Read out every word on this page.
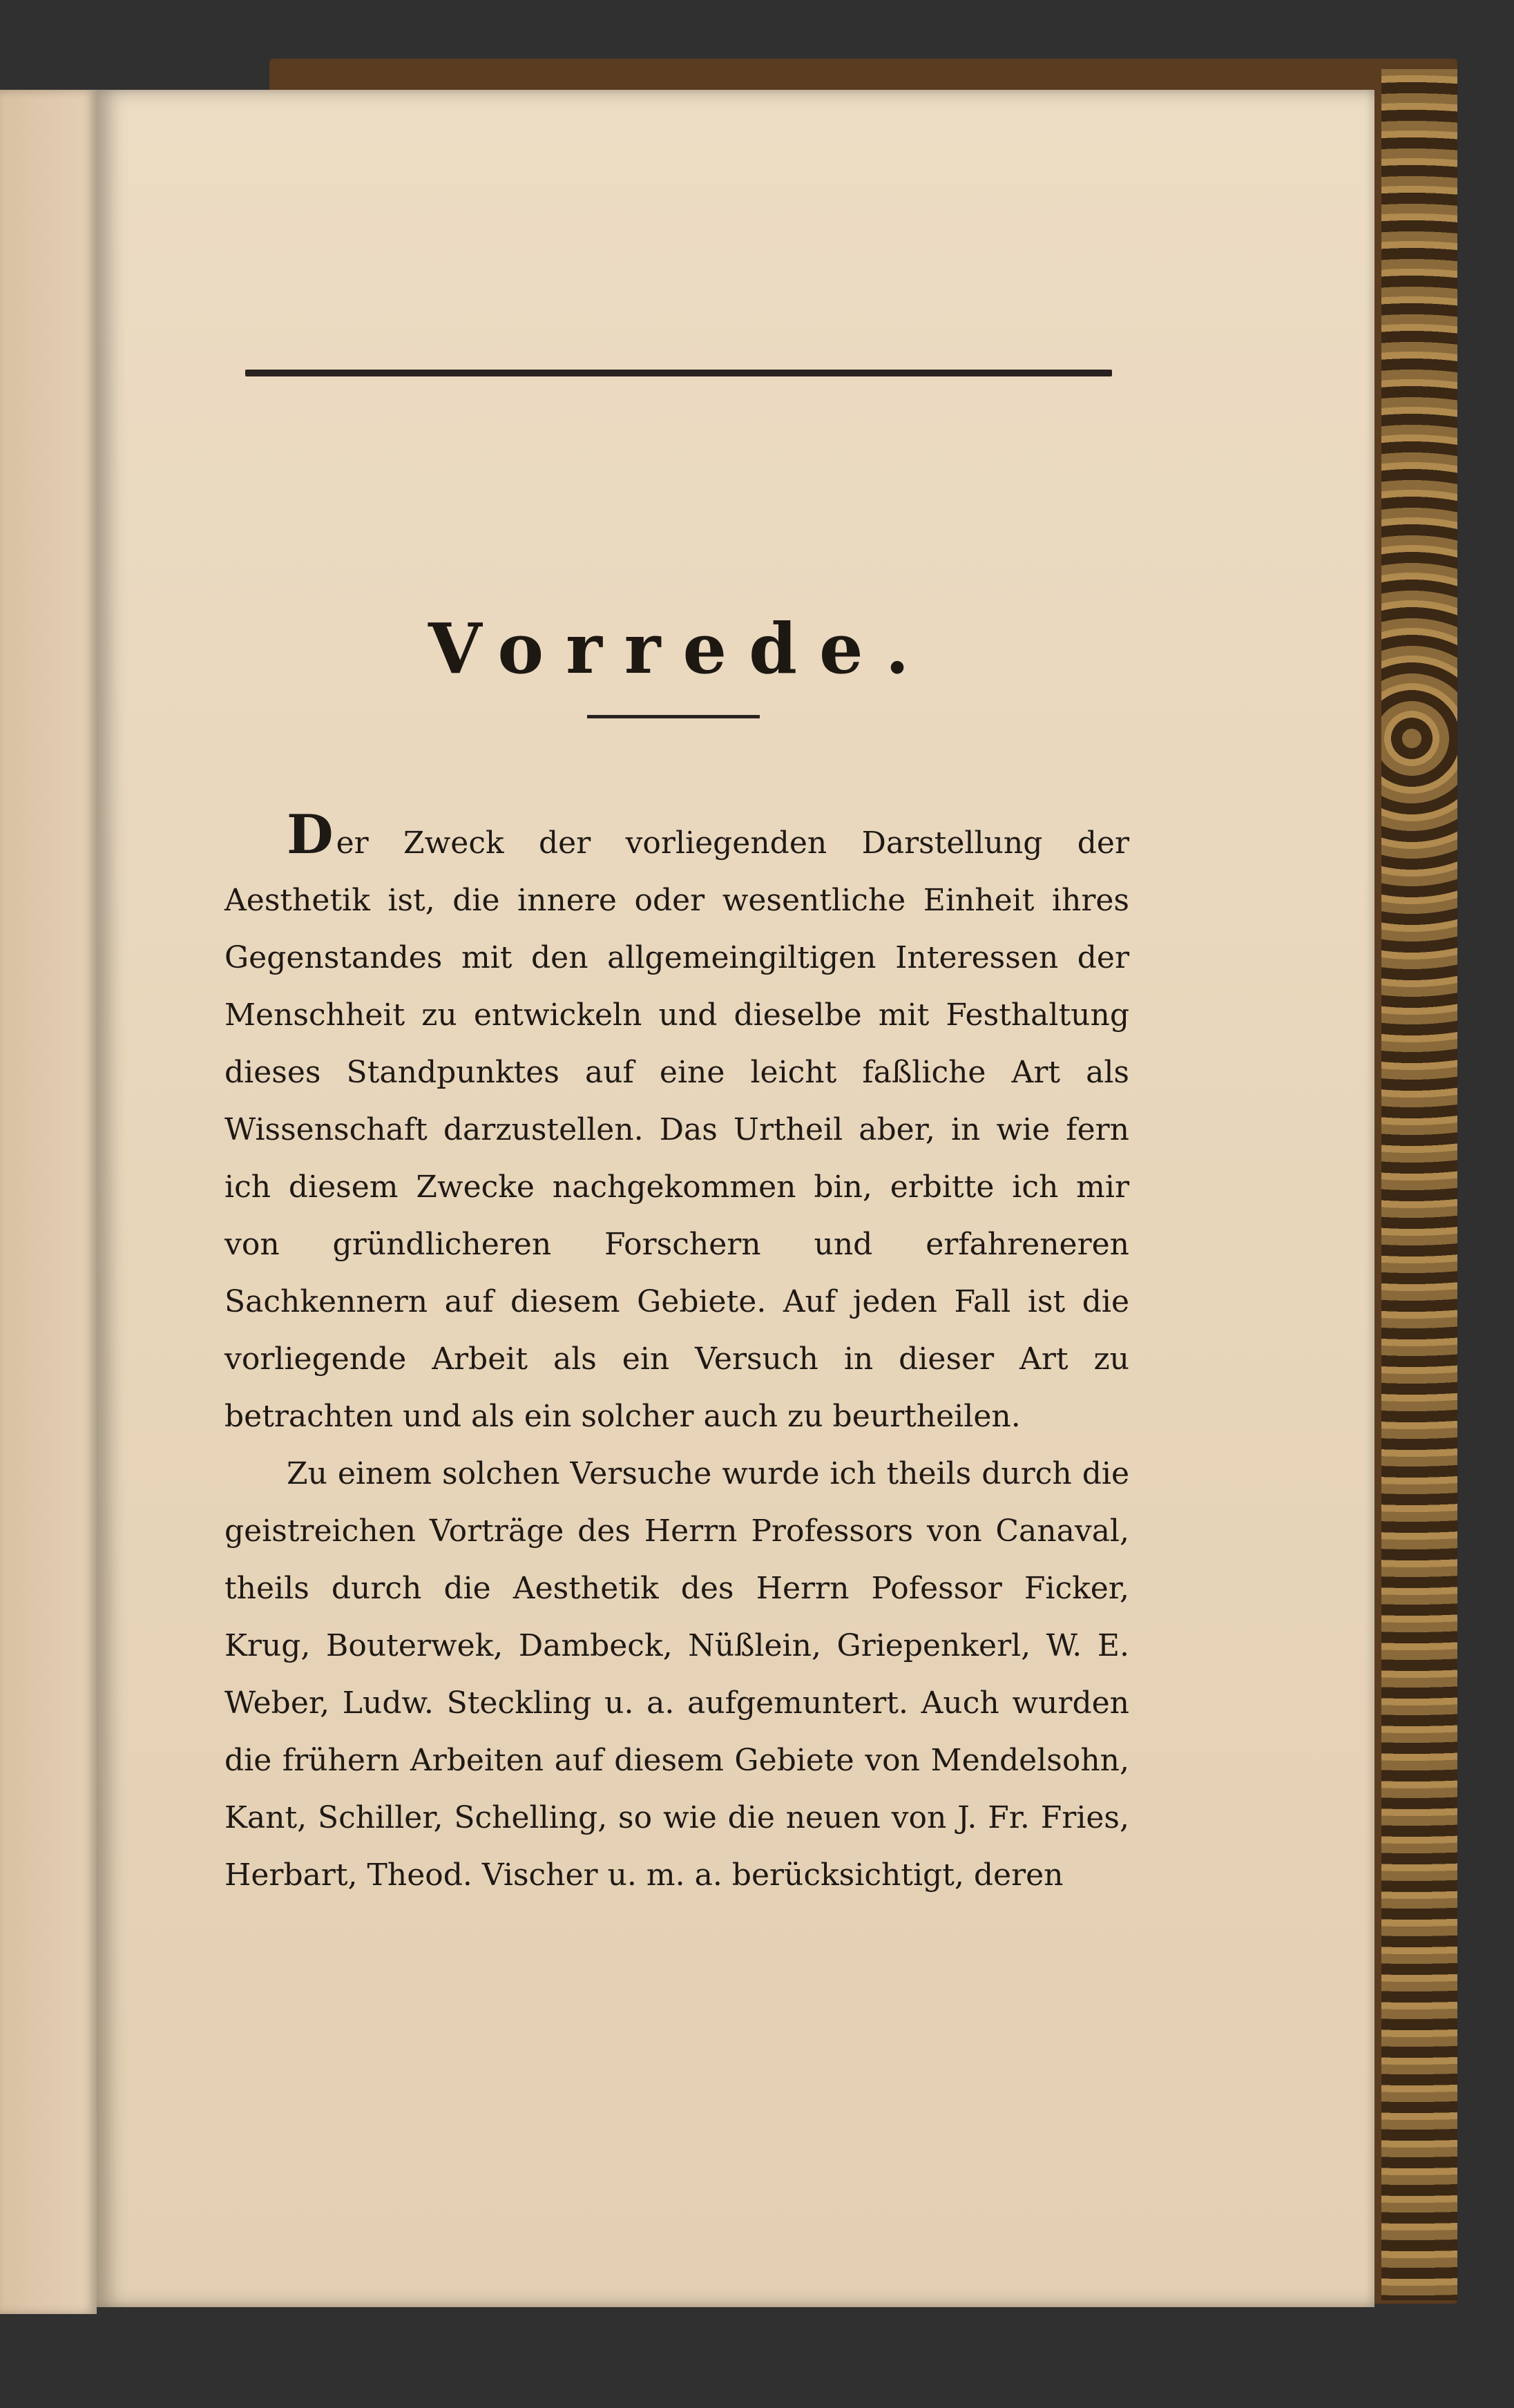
Vorrede.

Der Zweck der vorliegenden Darstellung der Aesthetik ist, die innere oder wesentliche Einheit ihres Gegenstandes mit den allgemeingiltigen Interessen der Menschheit zu entwickeln und dieselbe mit Festhaltung dieses Standpunktes auf eine leicht faßliche Art als Wissenschaft darzustellen. Das Urtheil aber, in wie fern ich diesem Zwecke nachgekommen bin, erbitte ich mir von gründlicheren Forschern und erfahreneren Sachkennern auf diesem Gebiete. Auf jeden Fall ist die vorliegende Arbeit als ein Versuch in dieser Art zu betrachten und als ein solcher auch zu beurtheilen.

Zu einem solchen Versuche wurde ich theils durch die geistreichen Vorträge des Herrn Professors von Canaval, theils durch die Aesthetik des Herrn Pofessor Ficker, Krug, Bouterwek, Dambeck, Nüßlein, Griepenkerl, W. E. Weber, Ludw. Steckling u. a. aufgemuntert. Auch wurden die frühern Arbeiten auf diesem Gebiete von Mendelsohn, Kant, Schiller, Schelling, so wie die neuen von J. Fr. Fries, Herbart, Theod. Vischer u. m. a. berücksichtigt, deren
